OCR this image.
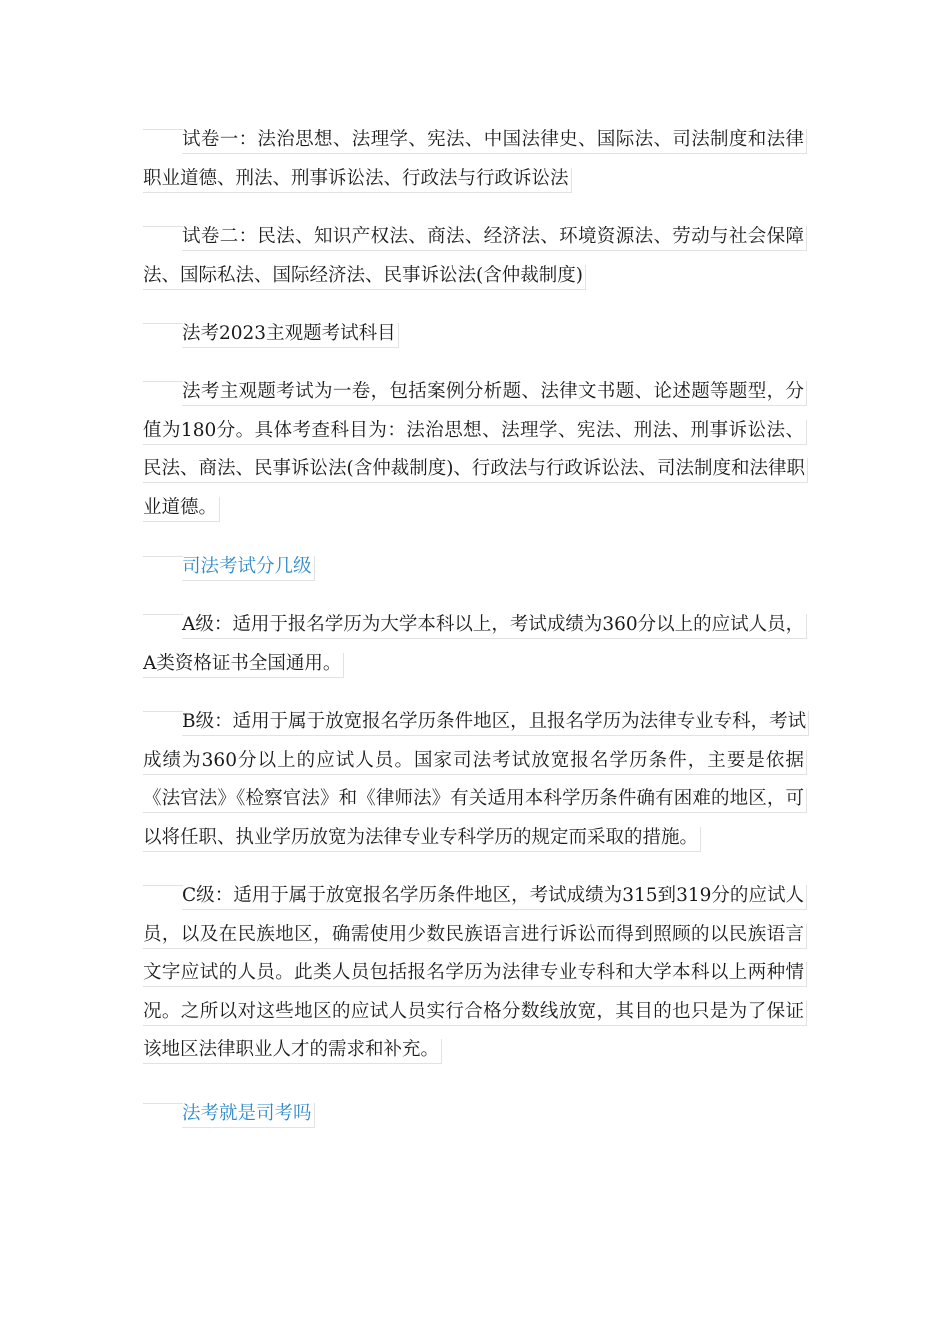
试卷一：法治思想、法理学、宪法、中国法律史、国际法、司法制度和法律职业道德、刑法、刑事诉讼法、行政法与行政诉讼法

试卷二：民法、知识产权法、商法、经济法、环境资源法、劳动与社会保障法、国际私法、国际经济法、民事诉讼法(含仲裁制度)

法考2023主观题考试科目

法考主观题考试为一卷，包括案例分析题、法律文书题、论述题等题型，分值为180分。具体考查科目为：法治思想、法理学、宪法、刑法、刑事诉讼法、民法、商法、民事诉讼法(含仲裁制度)、行政法与行政诉讼法、司法制度和法律职业道德。

司法考试分几级

A级：适用于报名学历为大学本科以上，考试成绩为360分以上的应试人员，A类资格证书全国通用。

B级：适用于属于放宽报名学历条件地区，且报名学历为法律专业专科，考试成绩为360分以上的应试人员。国家司法考试放宽报名学历条件，主要是依据《法官法》《检察官法》和《律师法》有关适用本科学历条件确有困难的地区，可以将任职、执业学历放宽为法律专业专科学历的规定而采取的措施。

C级：适用于属于放宽报名学历条件地区，考试成绩为315到319分的应试人员，以及在民族地区，确需使用少数民族语言进行诉讼而得到照顾的以民族语言文字应试的人员。此类人员包括报名学历为法律专业专科和大学本科以上两种情况。之所以对这些地区的应试人员实行合格分数线放宽，其目的也只是为了保证该地区法律职业人才的需求和补充。

法考就是司考吗
